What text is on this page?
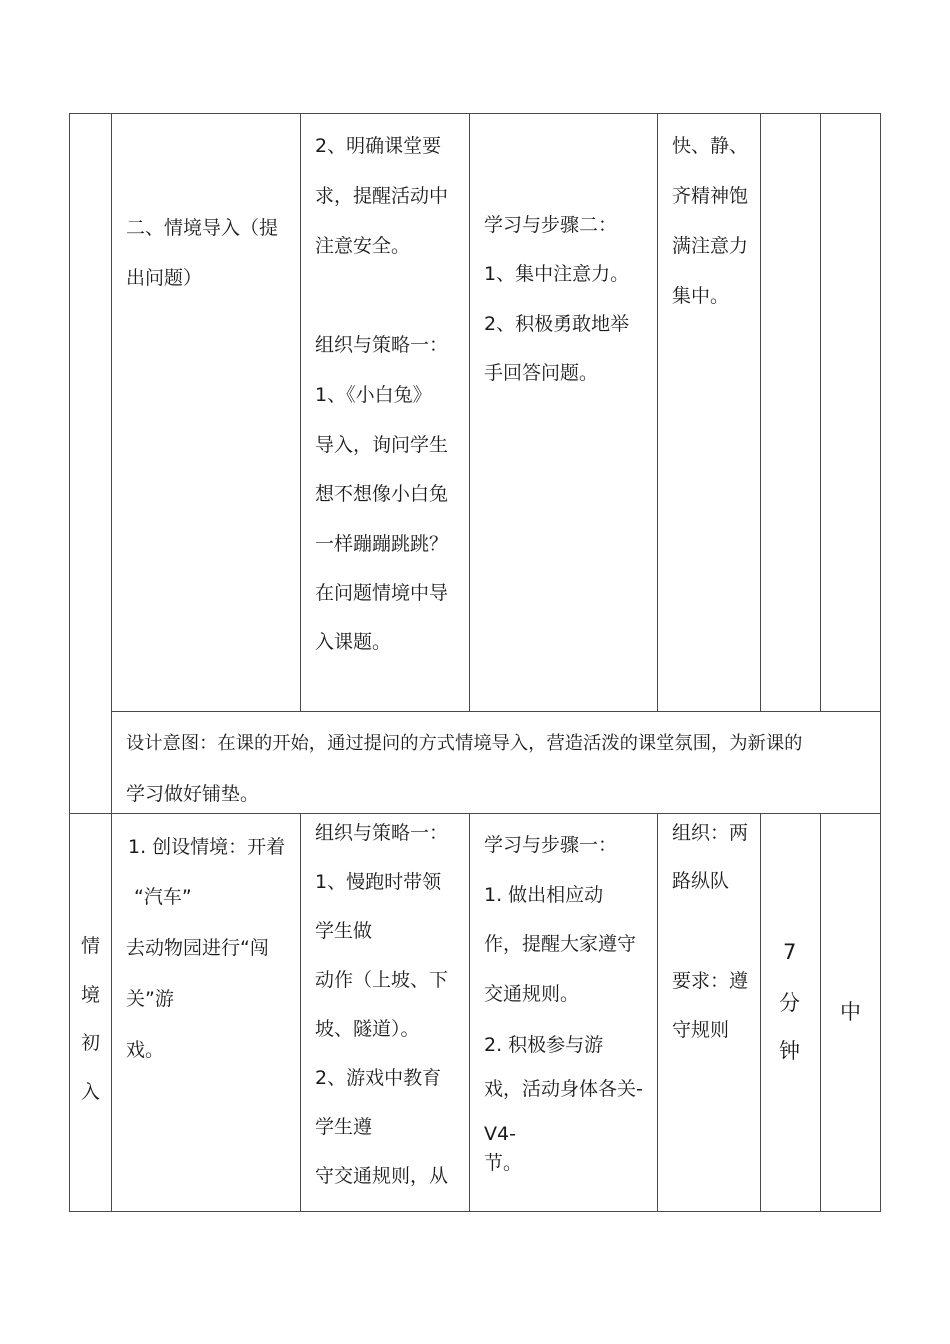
二、情境导入（提
出问题）
2、明确课堂要
求，提醒活动中
注意安全。
组织与策略一：
1、《小白兔》
导入，询问学生
想不想像小白兔
一样蹦蹦跳跳？
在问题情境中导
入课题。
学习与步骤二：
1、集中注意力。
2、积极勇敢地举
手回答问题。
快、静、
齐精神饱
满注意力
集中。
设计意图：在课的开始，通过提问的方式情境导入，营造活泼的课堂氛围，为新课的
学习做好铺垫。
情
境
初
入
1. 创设情境：开着
“汽车”
去动物园进行“闯
关”游
戏。
组织与策略一：
1、慢跑时带领
学生做
动作（上坡、下
坡、隧道）。
2、游戏中教育
学生遵
守交通规则，从
学习与步骤一：
1. 做出相应动
作，提醒大家遵守
交通规则。
2. 积极参与游
戏，活动身体各关-
V4-
节。
组织：两
路纵队
要求：遵
守规则
7
分
钟
中
